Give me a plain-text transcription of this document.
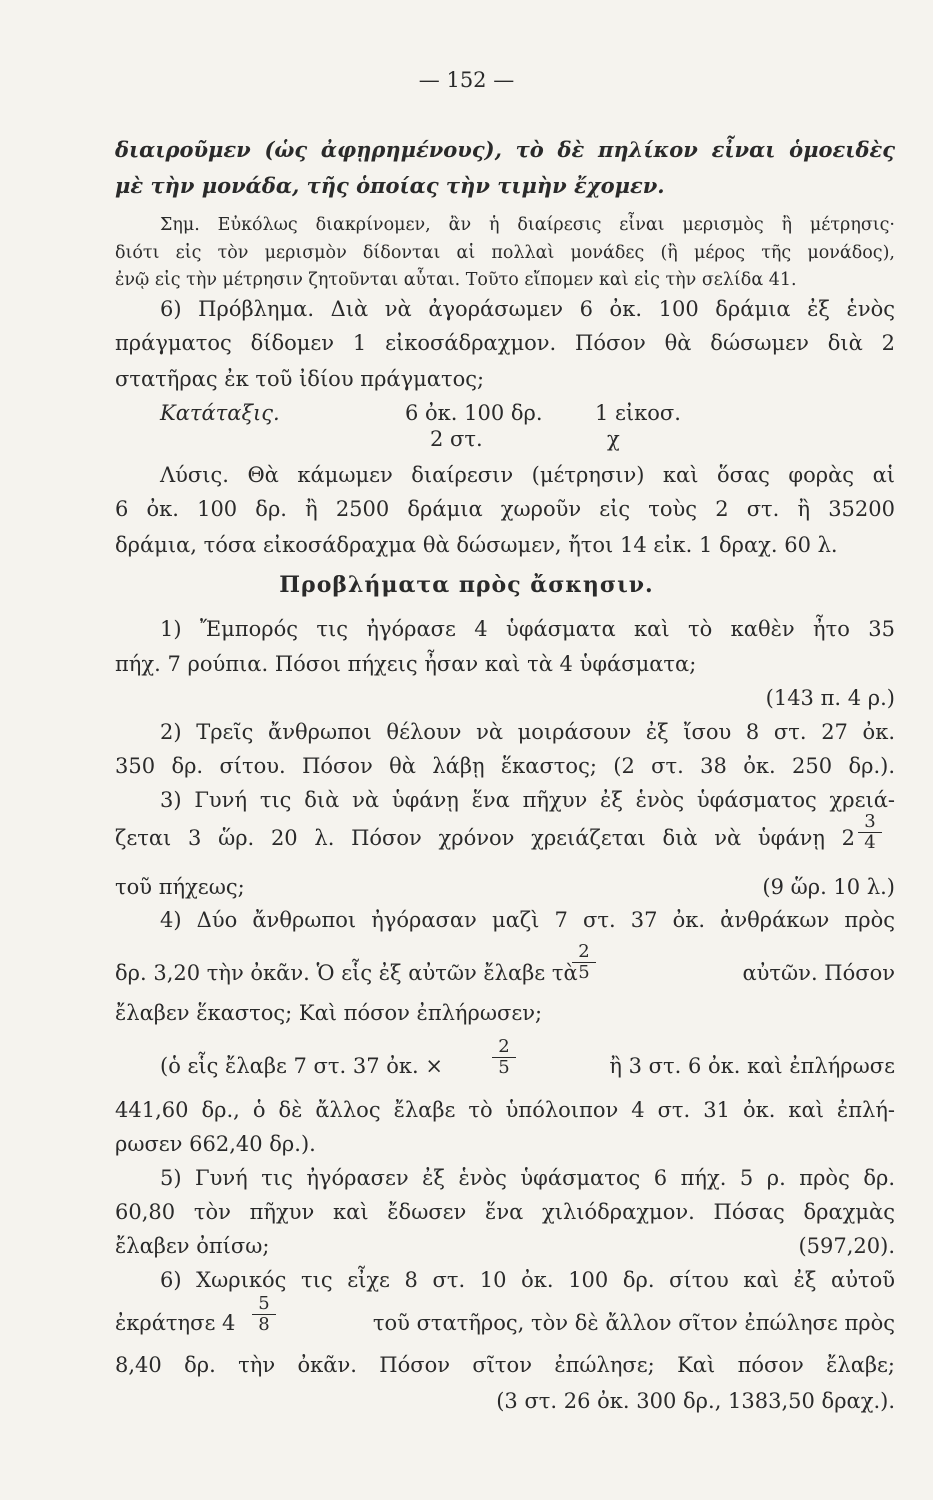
— 152 —
διαιροῦμεν (ὡς ἀφῃρημένους), τὸ δὲ πηλίκον εἶναι ὁμοειδὲς
μὲ τὴν μονάδα, τῆς ὁποίας τὴν τιμὴν ἔχομεν.
Σημ. Εὐκόλως διακρίνομεν, ἂν ἡ διαίρεσις εἶναι μερισμὸς ἢ μέτρησις·
διότι εἰς τὸν μερισμὸν δίδονται αἱ πολλαὶ μονάδες (ἢ μέρος τῆς μονάδος),
ἐνῷ εἰς τὴν μέτρησιν ζητοῦνται αὗται. Τοῦτο εἴπομεν καὶ εἰς τὴν σελίδα 41.
6) Πρόβλημα. Διὰ νὰ ἀγοράσωμεν 6 ὀκ. 100 δράμια ἐξ ἑνὸς
πράγματος δίδομεν 1 εἰκοσάδραχμον. Πόσον θὰ δώσωμεν διὰ 2
στατῆρας ἐκ τοῦ ἰδίου πράγματος;
Κατάταξις.	6 ὀκ. 100 δρ. 1 εἰκοσ.
2 στ.	χ
Λύσις. Θὰ κάμωμεν διαίρεσιν (μέτρησιν) καὶ ὅσας φορὰς αἱ
6 ὀκ. 100 δρ. ἢ 2500 δράμια χωροῦν εἰς τοὺς 2 στ. ἢ 35200
δράμια, τόσα εἰκοσάδραχμα θὰ δώσωμεν, ἤτοι 14 εἰκ. 1 δραχ. 60 λ.
Προβλήματα πρὸς ἄσκησιν.
1) Ἔμπορός τις ἠγόρασε 4 ὑφάσματα καὶ τὸ καθὲν ἦτο 35
πήχ. 7 ρούπια. Πόσοι πήχεις ἦσαν καὶ τὰ 4 ὑφάσματα;
(143 π. 4 ρ.)
2) Τρεῖς ἄνθρωποι θέλουν νὰ μοιράσουν ἐξ ἴσου 8 στ. 27 ὀκ.
350 δρ. σίτου. Πόσον θὰ λάβῃ ἕκαστος; (2 στ. 38 ὀκ. 250 δρ.).
3) Γυνή τις διὰ νὰ ὑφάνῃ ἕνα πῆχυν ἐξ ἑνὸς ὑφάσματος χρειά-
ζεται 3 ὥρ. 20 λ. Πόσον χρόνον χρειάζεται διὰ νὰ ὑφάνῃ 2
3
4
τοῦ πήχεως;	(9 ὥρ. 10 λ.)
4) Δύο ἄνθρωποι ἠγόρασαν μαζὶ 7 στ. 37 ὀκ. ἀνθράκων πρὸς
δρ. 3,20 τὴν ὀκᾶν. Ὁ εἷς ἐξ αὐτῶν ἔλαβε τὰ
2
5	αὐτῶν. Πόσον
ἔλαβεν ἕκαστος; Καὶ πόσον ἐπλήρωσεν;
(ὁ εἷς ἔλαβε 7 στ. 37 ὀκ. ×
2
5	ἢ 3 στ. 6 ὀκ. καὶ ἐπλήρωσε
441,60 δρ., ὁ δὲ ἄλλος ἔλαβε τὸ ὑπόλοιπον 4 στ. 31 ὀκ. καὶ ἐπλή-
ρωσεν 662,40 δρ.).
5) Γυνή τις ἠγόρασεν ἐξ ἑνὸς ὑφάσματος 6 πήχ. 5 ρ. πρὸς δρ.
60,80 τὸν πῆχυν καὶ ἔδωσεν ἕνα χιλιόδραχμον. Πόσας δραχμὰς
ἔλαβεν ὀπίσω;	(597,20).
6) Χωρικός τις εἶχε 8 στ. 10 ὀκ. 100 δρ. σίτου καὶ ἐξ αὐτοῦ
ἐκράτησε 4
5
8	τοῦ στατῆρος, τὸν δὲ ἄλλον σῖτον ἐπώλησε πρὸς
8,40 δρ. τὴν ὀκᾶν. Πόσον σῖτον ἐπώλησε; Καὶ πόσον ἔλαβε;
(3 στ. 26 ὀκ. 300 δρ., 1383,50 δραχ.).
